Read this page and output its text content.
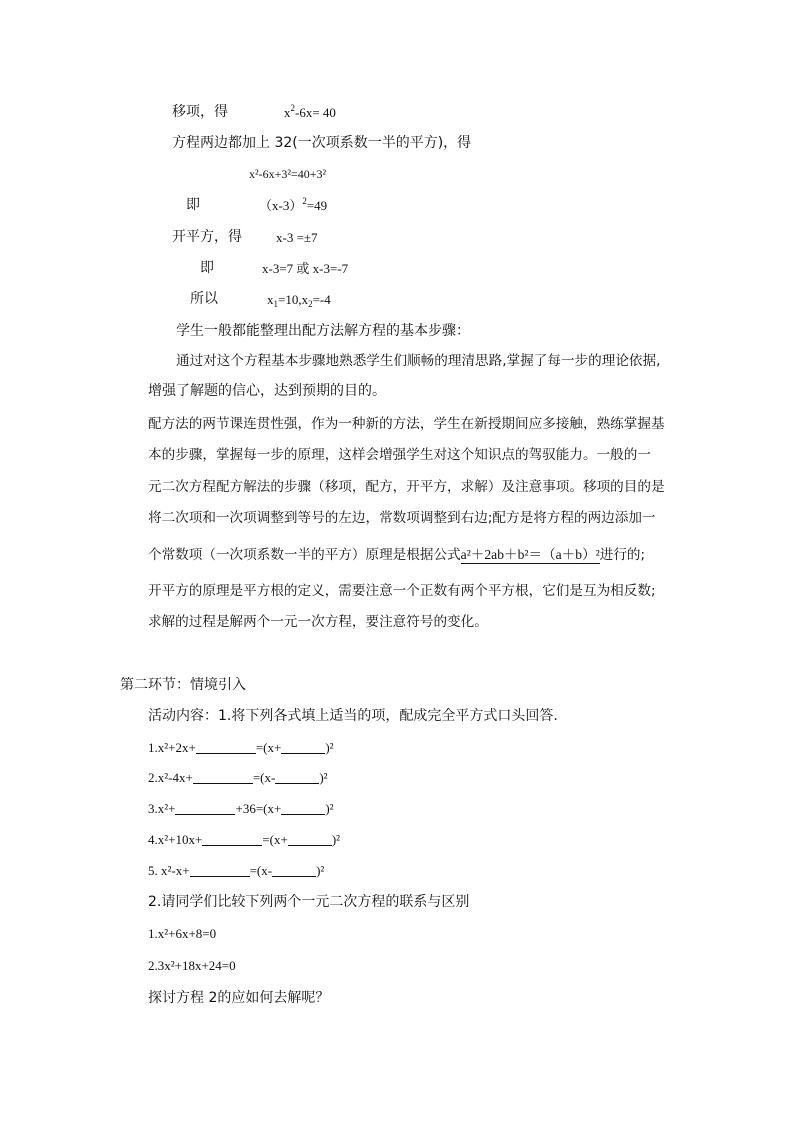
移项，得	$x^2-6x= 40$
方程两边都加上 32(一次项系数一半的平方)，得
x²-6x+3²=40+3²
即	$(x-3)^2=49$
开平方，得	x-3 =±7
即	x-3=7 或 x-3=-7
所以	$x_1=10,x_2=-4$
学生一般都能整理出配方法解方程的基本步骤：
通过对这个方程基本步骤地熟悉学生们顺畅的理清思路,掌握了每一步的理论依据,
增强了解题的信心，达到预期的目的。
配方法的两节课连贯性强，作为一种新的方法，学生在新授期间应多接触，熟练掌握基
本的步骤，掌握每一步的原理，这样会增强学生对这个知识点的驾驭能力。一般的一
元二次方程配方解法的步骤（移项，配方，开平方，求解）及注意事项。移项的目的是
将二次项和一次项调整到等号的左边，常数项调整到右边;配方是将方程的两边添加一
个常数项（一次项系数一半的平方）原理是根据公式a²＋2ab＋b²＝（a＋b）²进行的;
开平方的原理是平方根的定义，需要注意一个正数有两个平方根，它们是互为相反数;
求解的过程是解两个一元一次方程，要注意符号的变化。
第二环节：情境引入
活动内容：1.将下列各式填上适当的项，配成完全平方式口头回答.
1.x²+2x+	=(x+	)²
2.x²-4x+	=(x-	)²
3.x²+	+36=(x+	)²
4.x²+10x+	=(x+	)²
5. x²-x+	=(x-	)²
2.请同学们比较下列两个一元二次方程的联系与区别
1.x²+6x+8=0
2.3x²+18x+24=0
探讨方程 2的应如何去解呢？
